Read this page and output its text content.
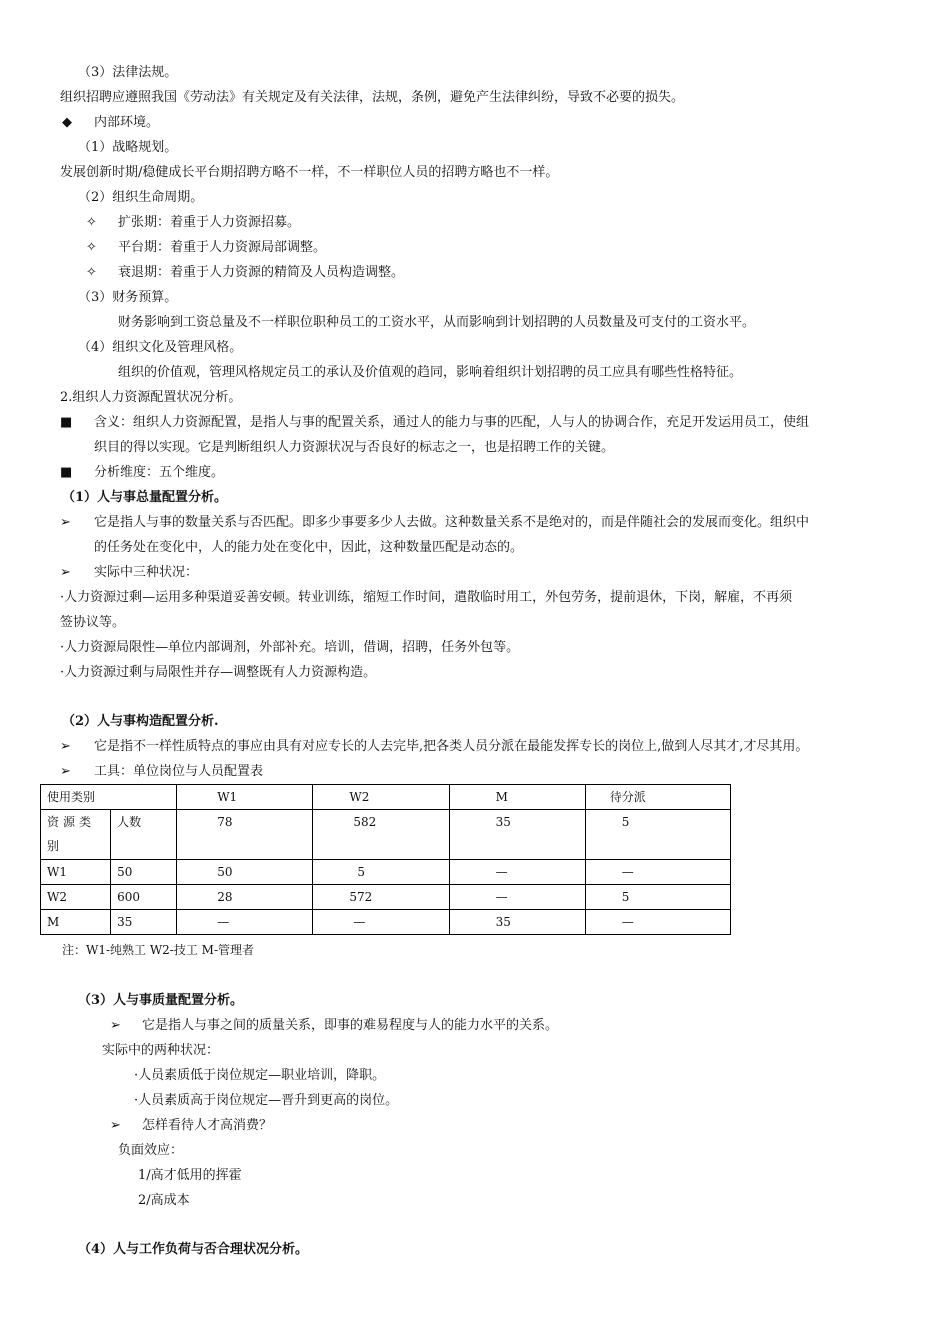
（3）法律法规。
组织招聘应遵照我国《劳动法》有关规定及有关法律，法规，条例，避免产生法律纠纷，导致不必要的损失。
◆ 内部环境。
（1）战略规划。
发展创新时期/稳健成长平台期招聘方略不一样，不一样职位人员的招聘方略也不一样。
（2）组织生命周期。
✧ 扩张期：着重于人力资源招募。
✧ 平台期：着重于人力资源局部调整。
✧ 衰退期：着重于人力资源的精简及人员构造调整。
（3）财务预算。
财务影响到工资总量及不一样职位职种员工的工资水平，从而影响到计划招聘的人员数量及可支付的工资水平。
（4）组织文化及管理风格。
组织的价值观，管理风格规定员工的承认及价值观的趋同，影响着组织计划招聘的员工应具有哪些性格特征。
2.组织人力资源配置状况分析。
■ 含义：组织人力资源配置，是指人与事的配置关系，通过人的能力与事的匹配，人与人的协调合作，充足开发运用员工，使组
织目的得以实现。它是判断组织人力资源状况与否良好的标志之一，也是招聘工作的关键。
■ 分析维度：五个维度。
（1）人与事总量配置分析。
➢ 它是指人与事的数量关系与否匹配。即多少事要多少人去做。这种数量关系不是绝对的，而是伴随社会的发展而变化。组织中
的任务处在变化中，人的能力处在变化中，因此，这种数量匹配是动态的。
➢ 实际中三种状况：
·人力资源过剩—运用多种渠道妥善安顿。转业训练，缩短工作时间，遣散临时用工，外包劳务，提前退休，下岗，解雇，不再须
签协议等。
·人力资源局限性—单位内部调剂，外部补充。培训，借调，招聘，任务外包等。
·人力资源过剩与局限性并存—调整既有人力资源构造。
（2）人与事构造配置分析.
➢ 它是指不一样性质特点的事应由具有对应专长的人去完毕,把各类人员分派在最能发挥专长的岗位上,做到人尽其才,才尽其用。
➢ 工具：单位岗位与人员配置表
使用类别		W1	W2	M	待分派
资源类别	人数	78	582	35	5
W1	50	50	5	—	—
W2	600	28	572	—	5
M	35	—	—	35	—
注：W1-纯熟工 W2-技工 M-管理者
（3）人与事质量配置分析。
➢ 它是指人与事之间的质量关系，即事的难易程度与人的能力水平的关系。
实际中的两种状况：
·人员素质低于岗位规定—职业培训，降职。
·人员素质高于岗位规定—晋升到更高的岗位。
➢ 怎样看待人才高消费？
负面效应：
1/高才低用的挥霍
2/高成本
（4）人与工作负荷与否合理状况分析。
